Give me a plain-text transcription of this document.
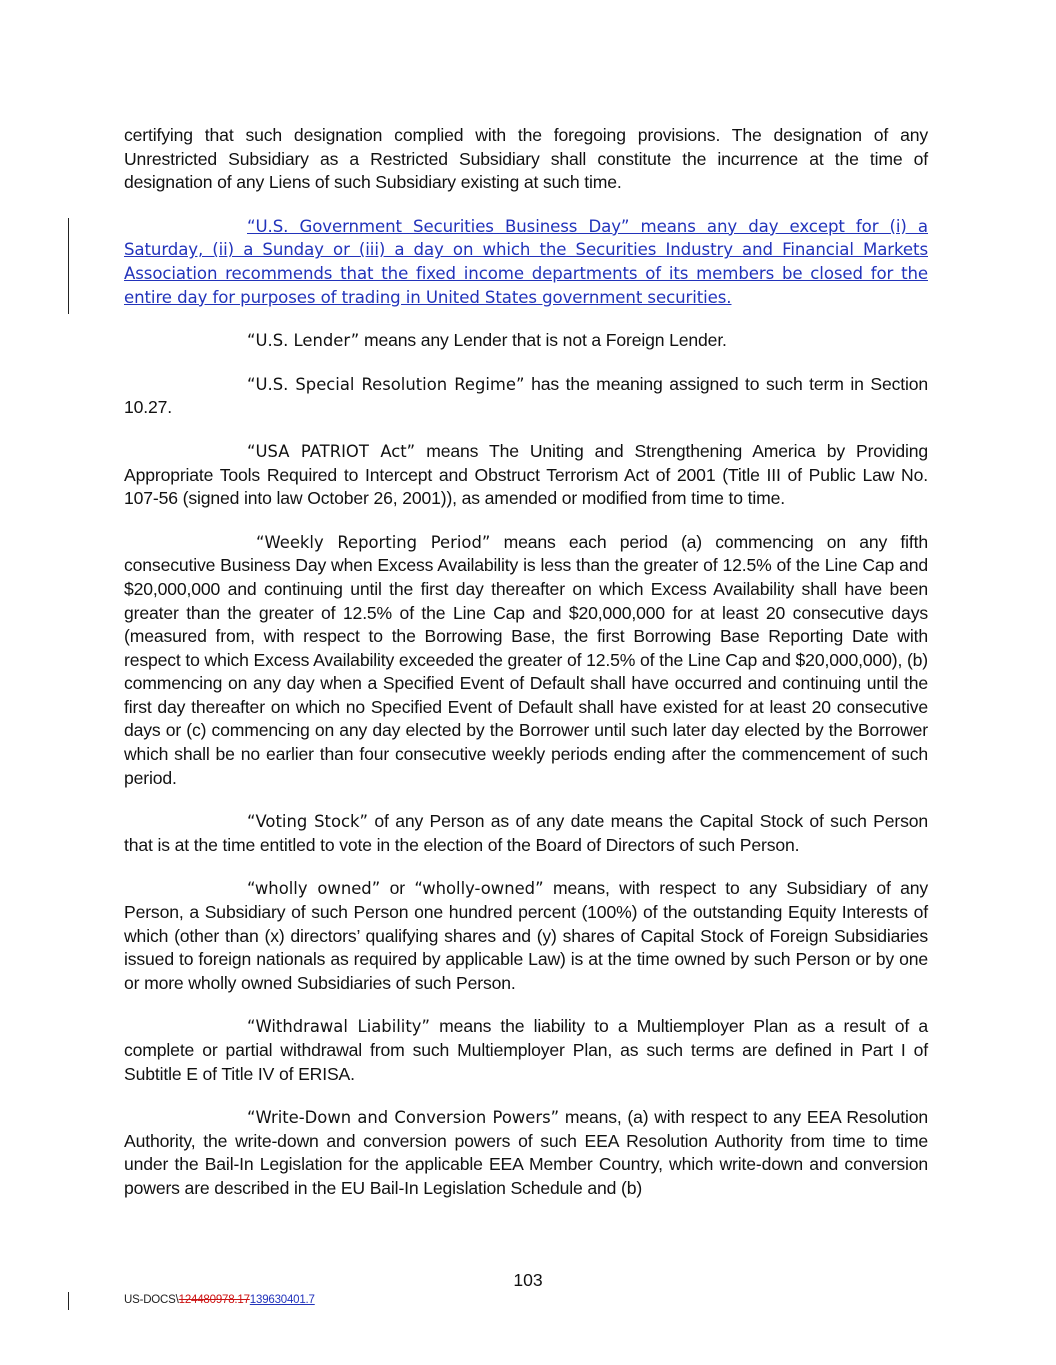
certifying that such designation complied with the foregoing provisions. The designation of any Unrestricted Subsidiary as a Restricted Subsidiary shall constitute the incurrence at the time of designation of any Liens of such Subsidiary existing at such time.

“U.S. Government Securities Business Day” means any day except for (i) a Saturday, (ii) a Sunday or (iii) a day on which the Securities Industry and Financial Markets Association recommends that the fixed income departments of its members be closed for the entire day for purposes of trading in United States government securities.

“U.S. Lender” means any Lender that is not a Foreign Lender.

“U.S. Special Resolution Regime” has the meaning assigned to such term in Section 10.27.

“USA PATRIOT Act” means The Uniting and Strengthening America by Providing Appropriate Tools Required to Intercept and Obstruct Terrorism Act of 2001 (Title III of Public Law No. 107-56 (signed into law October 26, 2001)), as amended or modified from time to time.

“Weekly Reporting Period” means each period (a) commencing on any fifth consecutive Business Day when Excess Availability is less than the greater of 12.5% of the Line Cap and $20,000,000 and continuing until the first day thereafter on which Excess Availability shall have been greater than the greater of 12.5% of the Line Cap and $20,000,000 for at least 20 consecutive days (measured from, with respect to the Borrowing Base, the first Borrowing Base Reporting Date with respect to which Excess Availability exceeded the greater of 12.5% of the Line Cap and $20,000,000), (b) commencing on any day when a Specified Event of Default shall have occurred and continuing until the first day thereafter on which no Specified Event of Default shall have existed for at least 20 consecutive days or (c) commencing on any day elected by the Borrower until such later day elected by the Borrower which shall be no earlier than four consecutive weekly periods ending after the commencement of such period.

“Voting Stock” of any Person as of any date means the Capital Stock of such Person that is at the time entitled to vote in the election of the Board of Directors of such Person.

“wholly owned” or “wholly-owned” means, with respect to any Subsidiary of any Person, a Subsidiary of such Person one hundred percent (100%) of the outstanding Equity Interests of which (other than (x) directors’ qualifying shares and (y) shares of Capital Stock of Foreign Subsidiaries issued to foreign nationals as required by applicable Law) is at the time owned by such Person or by one or more wholly owned Subsidiaries of such Person.

“Withdrawal Liability” means the liability to a Multiemployer Plan as a result of a complete or partial withdrawal from such Multiemployer Plan, as such terms are defined in Part I of Subtitle E of Title IV of ERISA.

“Write-Down and Conversion Powers” means, (a) with respect to any EEA Resolution Authority, the write-down and conversion powers of such EEA Resolution Authority from time to time under the Bail-In Legislation for the applicable EEA Member Country, which write-down and conversion powers are described in the EU Bail-In Legislation Schedule and (b)

103
US-DOCS\124480978.17139630401.7
